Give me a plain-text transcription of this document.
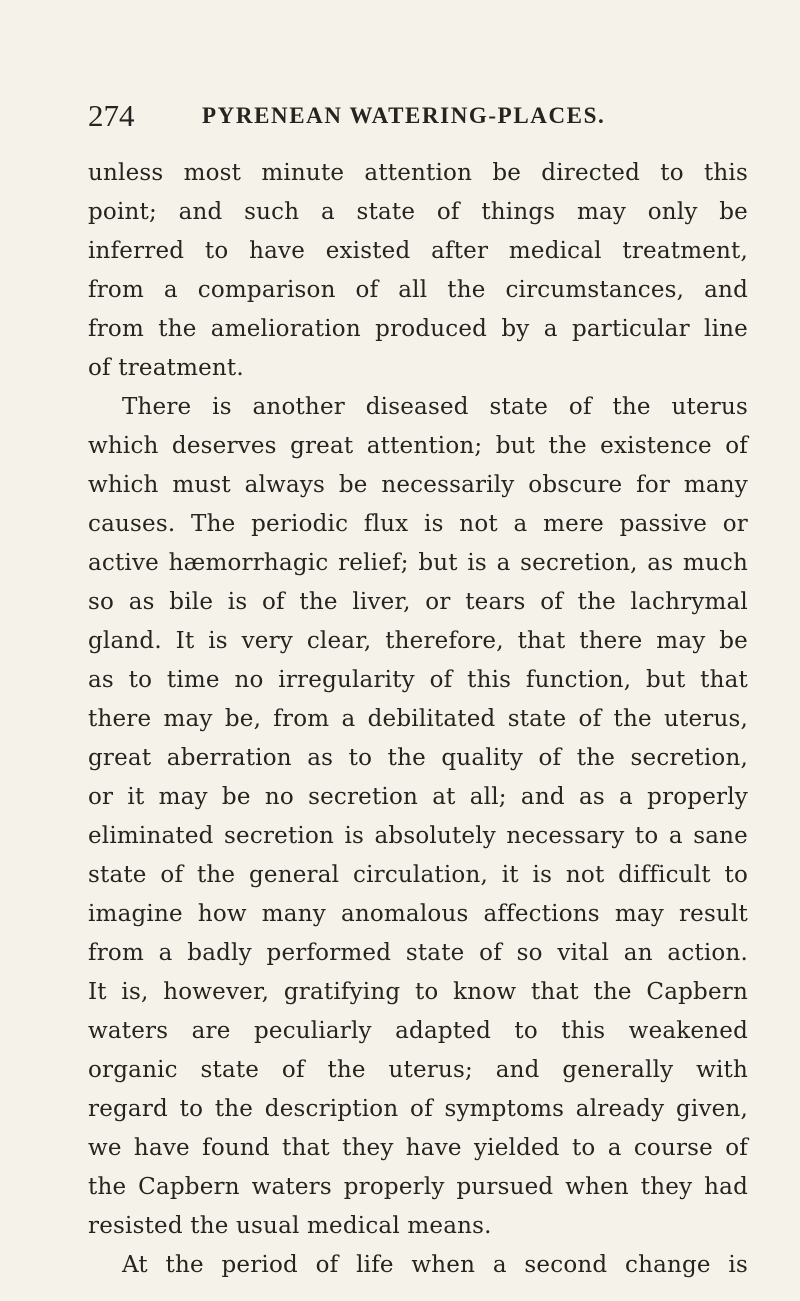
274	PYRENEAN WATERING-PLACES.
unless most minute attention be directed to this
point; and such a state of things may only be
inferred to have existed after medical treatment,
from a comparison of all the circumstances, and
from the amelioration produced by a particular line
of treatment.
There is another diseased state of the uterus
which deserves great attention; but the existence of
which must always be necessarily obscure for many
causes. The periodic flux is not a mere passive or
active hæmorrhagic relief; but is a secretion, as much
so as bile is of the liver, or tears of the lachrymal
gland. It is very clear, therefore, that there may be
as to time no irregularity of this function, but that
there may be, from a debilitated state of the uterus,
great aberration as to the quality of the secretion,
or it may be no secretion at all; and as a properly
eliminated secretion is absolutely necessary to a sane
state of the general circulation, it is not difficult to
imagine how many anomalous affections may result
from a badly performed state of so vital an action.
It is, however, gratifying to know that the Capbern
waters are peculiarly adapted to this weakened
organic state of the uterus; and generally with
regard to the description of symptoms already given,
we have found that they have yielded to a course of
the Capbern waters properly pursued when they had
resisted the usual medical means.
At the period of life when a second change is
